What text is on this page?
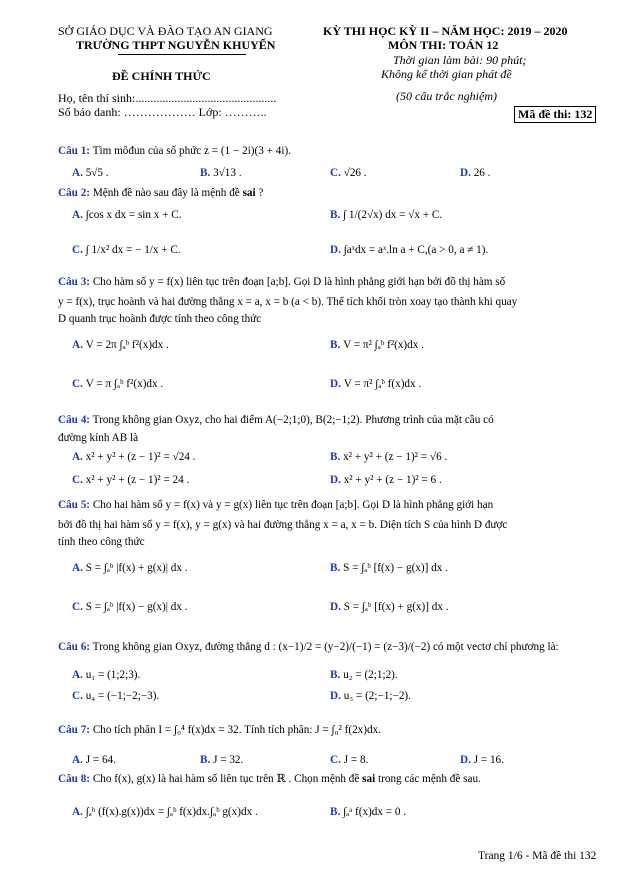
SỞ GIÁO DỤC VÀ ĐÀO TẠO AN GIANG
TRƯỜNG THPT NGUYỄN KHUYẾN
ĐỀ CHÍNH THỨC
KỲ THI HỌC KỲ II – NĂM HỌC: 2019 – 2020
MÔN THI: TOÁN 12
Thời gian làm bài: 90 phút;
Không kể thời gian phát đề
(50 câu trắc nghiệm)
Họ, tên thí sinh:...............................................
Số báo danh: ……………… Lớp: ………..	Mã đề thi: 132
Câu 1: Tìm môđun của số phức z = (1 − 2i)(3 + 4i).
A. 5√5 .	B. 3√13 .	C. √26 .	D. 26 .
Câu 2: Mệnh đề nào sau đây là mệnh đề sai ?
A. ∫cos x dx = sin x + C.	B. ∫ 1/(2√x) dx = √x + C.
C. ∫ 1/x² dx = − 1/x + C.	D. ∫aˣdx = aˣ.ln a + C,(a > 0, a ≠ 1).
Câu 3: Cho hàm số y = f(x) liên tục trên đoạn [a;b]. Gọi D là hình phẳng giới hạn bởi đồ thị hàm số
y = f(x), trục hoành và hai đường thẳng x = a, x = b (a < b). Thể tích khối tròn xoay tạo thành khi quay
D quanh trục hoành được tính theo công thức
A. V = 2π ∫ₐᵇ f²(x)dx .	B. V = π² ∫ₐᵇ f²(x)dx .
C. V = π ∫ₐᵇ f²(x)dx .	D. V = π² ∫ₐᵇ f(x)dx .
Câu 4: Trong không gian Oxyz, cho hai điểm A(−2;1;0), B(2;−1;2). Phương trình của mặt cầu có
đường kính AB là
A. x² + y² + (z − 1)² = √24 .	B. x² + y² + (z − 1)² = √6 .
C. x² + y² + (z − 1)² = 24 .	D. x² + y² + (z − 1)² = 6 .
Câu 5: Cho hai hàm số y = f(x) và y = g(x) liên tục trên đoạn [a;b]. Gọi D là hình phẳng giới hạn
bởi đồ thị hai hàm số y = f(x), y = g(x) và hai đường thẳng x = a, x = b. Diện tích S của hình D được
tính theo công thức
A. S = ∫ₐᵇ |f(x) + g(x)| dx .	B. S = ∫ₐᵇ [f(x) − g(x)] dx .
C. S = ∫ₐᵇ |f(x) − g(x)| dx .	D. S = ∫ₐᵇ [f(x) + g(x)] dx .
Câu 6: Trong không gian Oxyz, đường thẳng d : (x−1)/2 = (y−2)/(−1) = (z−3)/(−2) có một vectơ chỉ phương là:
A. u₁ = (1;2;3).	B. u₂ = (2;1;2).
C. u₄ = (−1;−2;−3).	D. u₃ = (2;−1;−2).
Câu 7: Cho tích phân I = ∫₀⁴ f(x)dx = 32. Tính tích phân: J = ∫₀² f(2x)dx.
A. J = 64.	B. J = 32.	C. J = 8.	D. J = 16.
Câu 8: Cho f(x), g(x) là hai hàm số liên tục trên ℝ . Chọn mệnh đề sai trong các mệnh đề sau.
A. ∫ₐᵇ (f(x).g(x))dx = ∫ₐᵇ f(x)dx.∫ₐᵇ g(x)dx .	B. ∫ₐᵃ f(x)dx = 0 .
Trang 1/6 - Mã đề thi 132
